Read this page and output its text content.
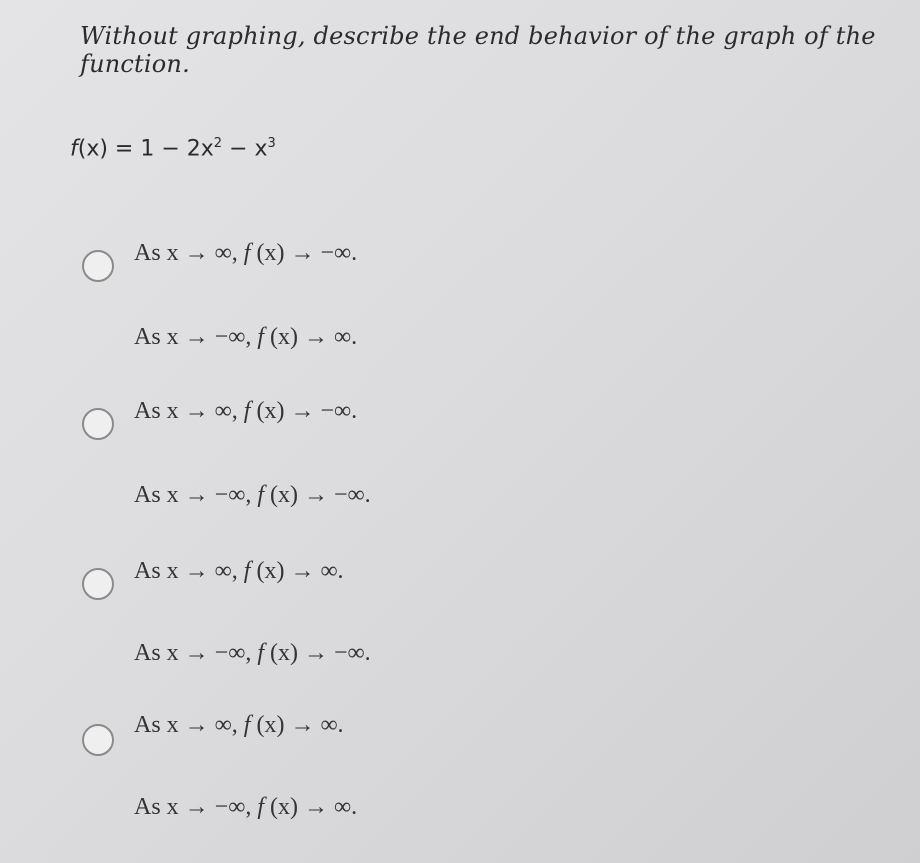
Without graphing, describe the end behavior of the graph of the function.
$f(x) = 1 - 2x^2 - x^3$
As x → ∞, f (x) → −∞.
As x → −∞, f (x) → ∞.
As x → ∞, f (x) → −∞.
As x → −∞, f (x) → −∞.
As x → ∞, f (x) → ∞.
As x → −∞, f (x) → −∞.
As x → ∞, f (x) → ∞.
As x → −∞, f (x) → ∞.
